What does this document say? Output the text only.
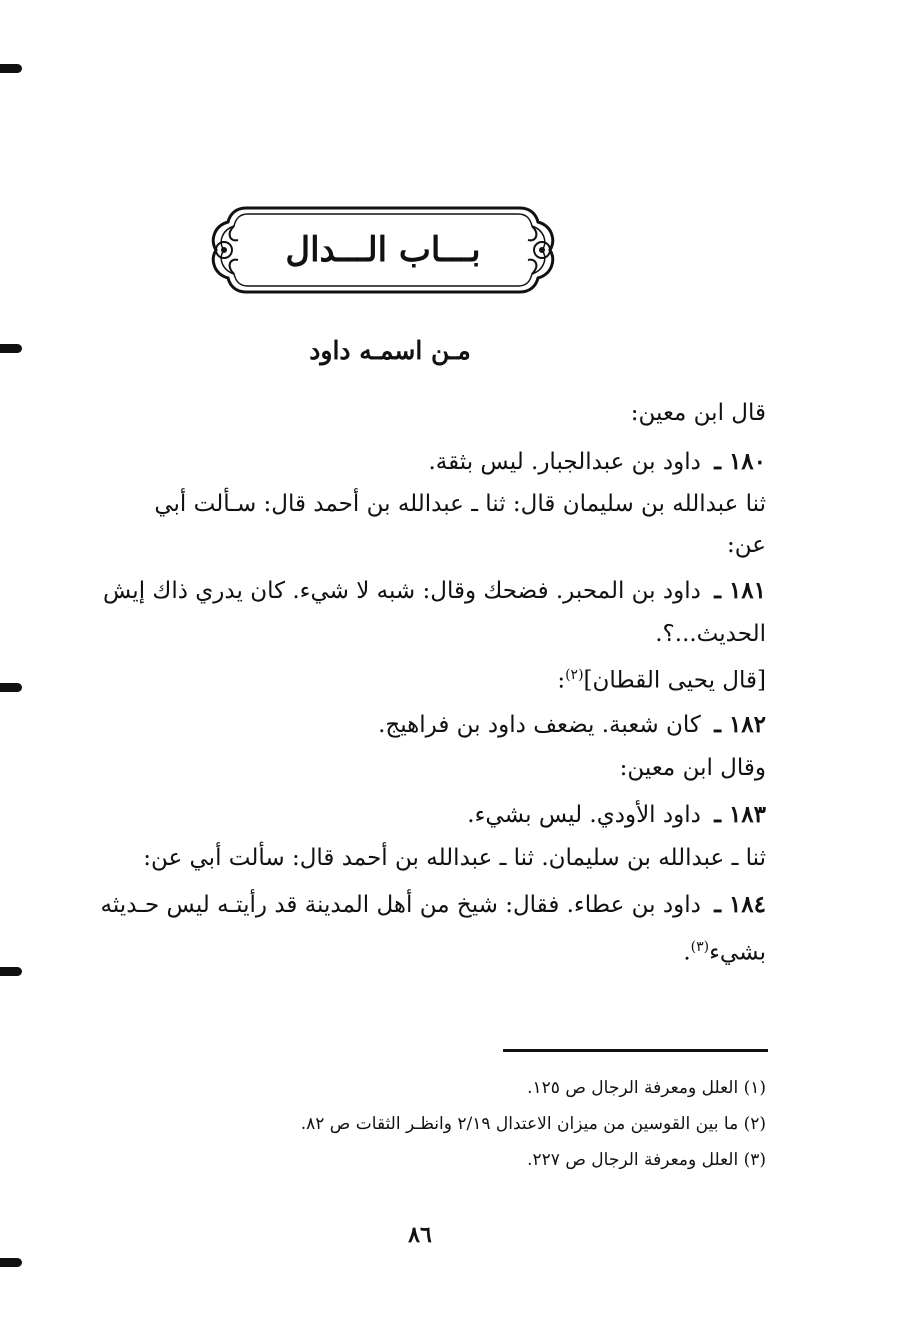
بـــاب الـــدال
مـن اسمـه داود
قال ابن معين:
١٨٠ ـ داود بن عبدالجبار. ليس بثقة.
ثنا عبدالله بن سليمان قال: ثنا ـ عبدالله بن أحمد قال: سـألت أبي
عن:
١٨١ ـ داود بن المحبر. فضحك وقال: شبه لا شيء. كان يدري ذاك إيش
الحديث...؟.
[قال يحيى القطان]$^{(٢)}$:
١٨٢ ـ كان شعبة. يضعف داود بن فراهيج.
وقال ابن معين:
١٨٣ ـ داود الأودي. ليس بشيء.
ثنا ـ عبدالله بن سليمان. ثنا ـ عبدالله بن أحمد قال: سألت أبي عن:
١٨٤ ـ داود بن عطاء. فقال: شيخ من أهل المدينة قد رأيتـه ليس حـديثه
بشيء$^{(٣)}$.
(١) العلل ومعرفة الرجال ص ١٢٥.
(٢) ما بين القوسين من ميزان الاعتدال ٢/١٩ وانظـر الثقات ص ٨٢.
(٣) العلل ومعرفة الرجال ص ٢٢٧.
٨٦
